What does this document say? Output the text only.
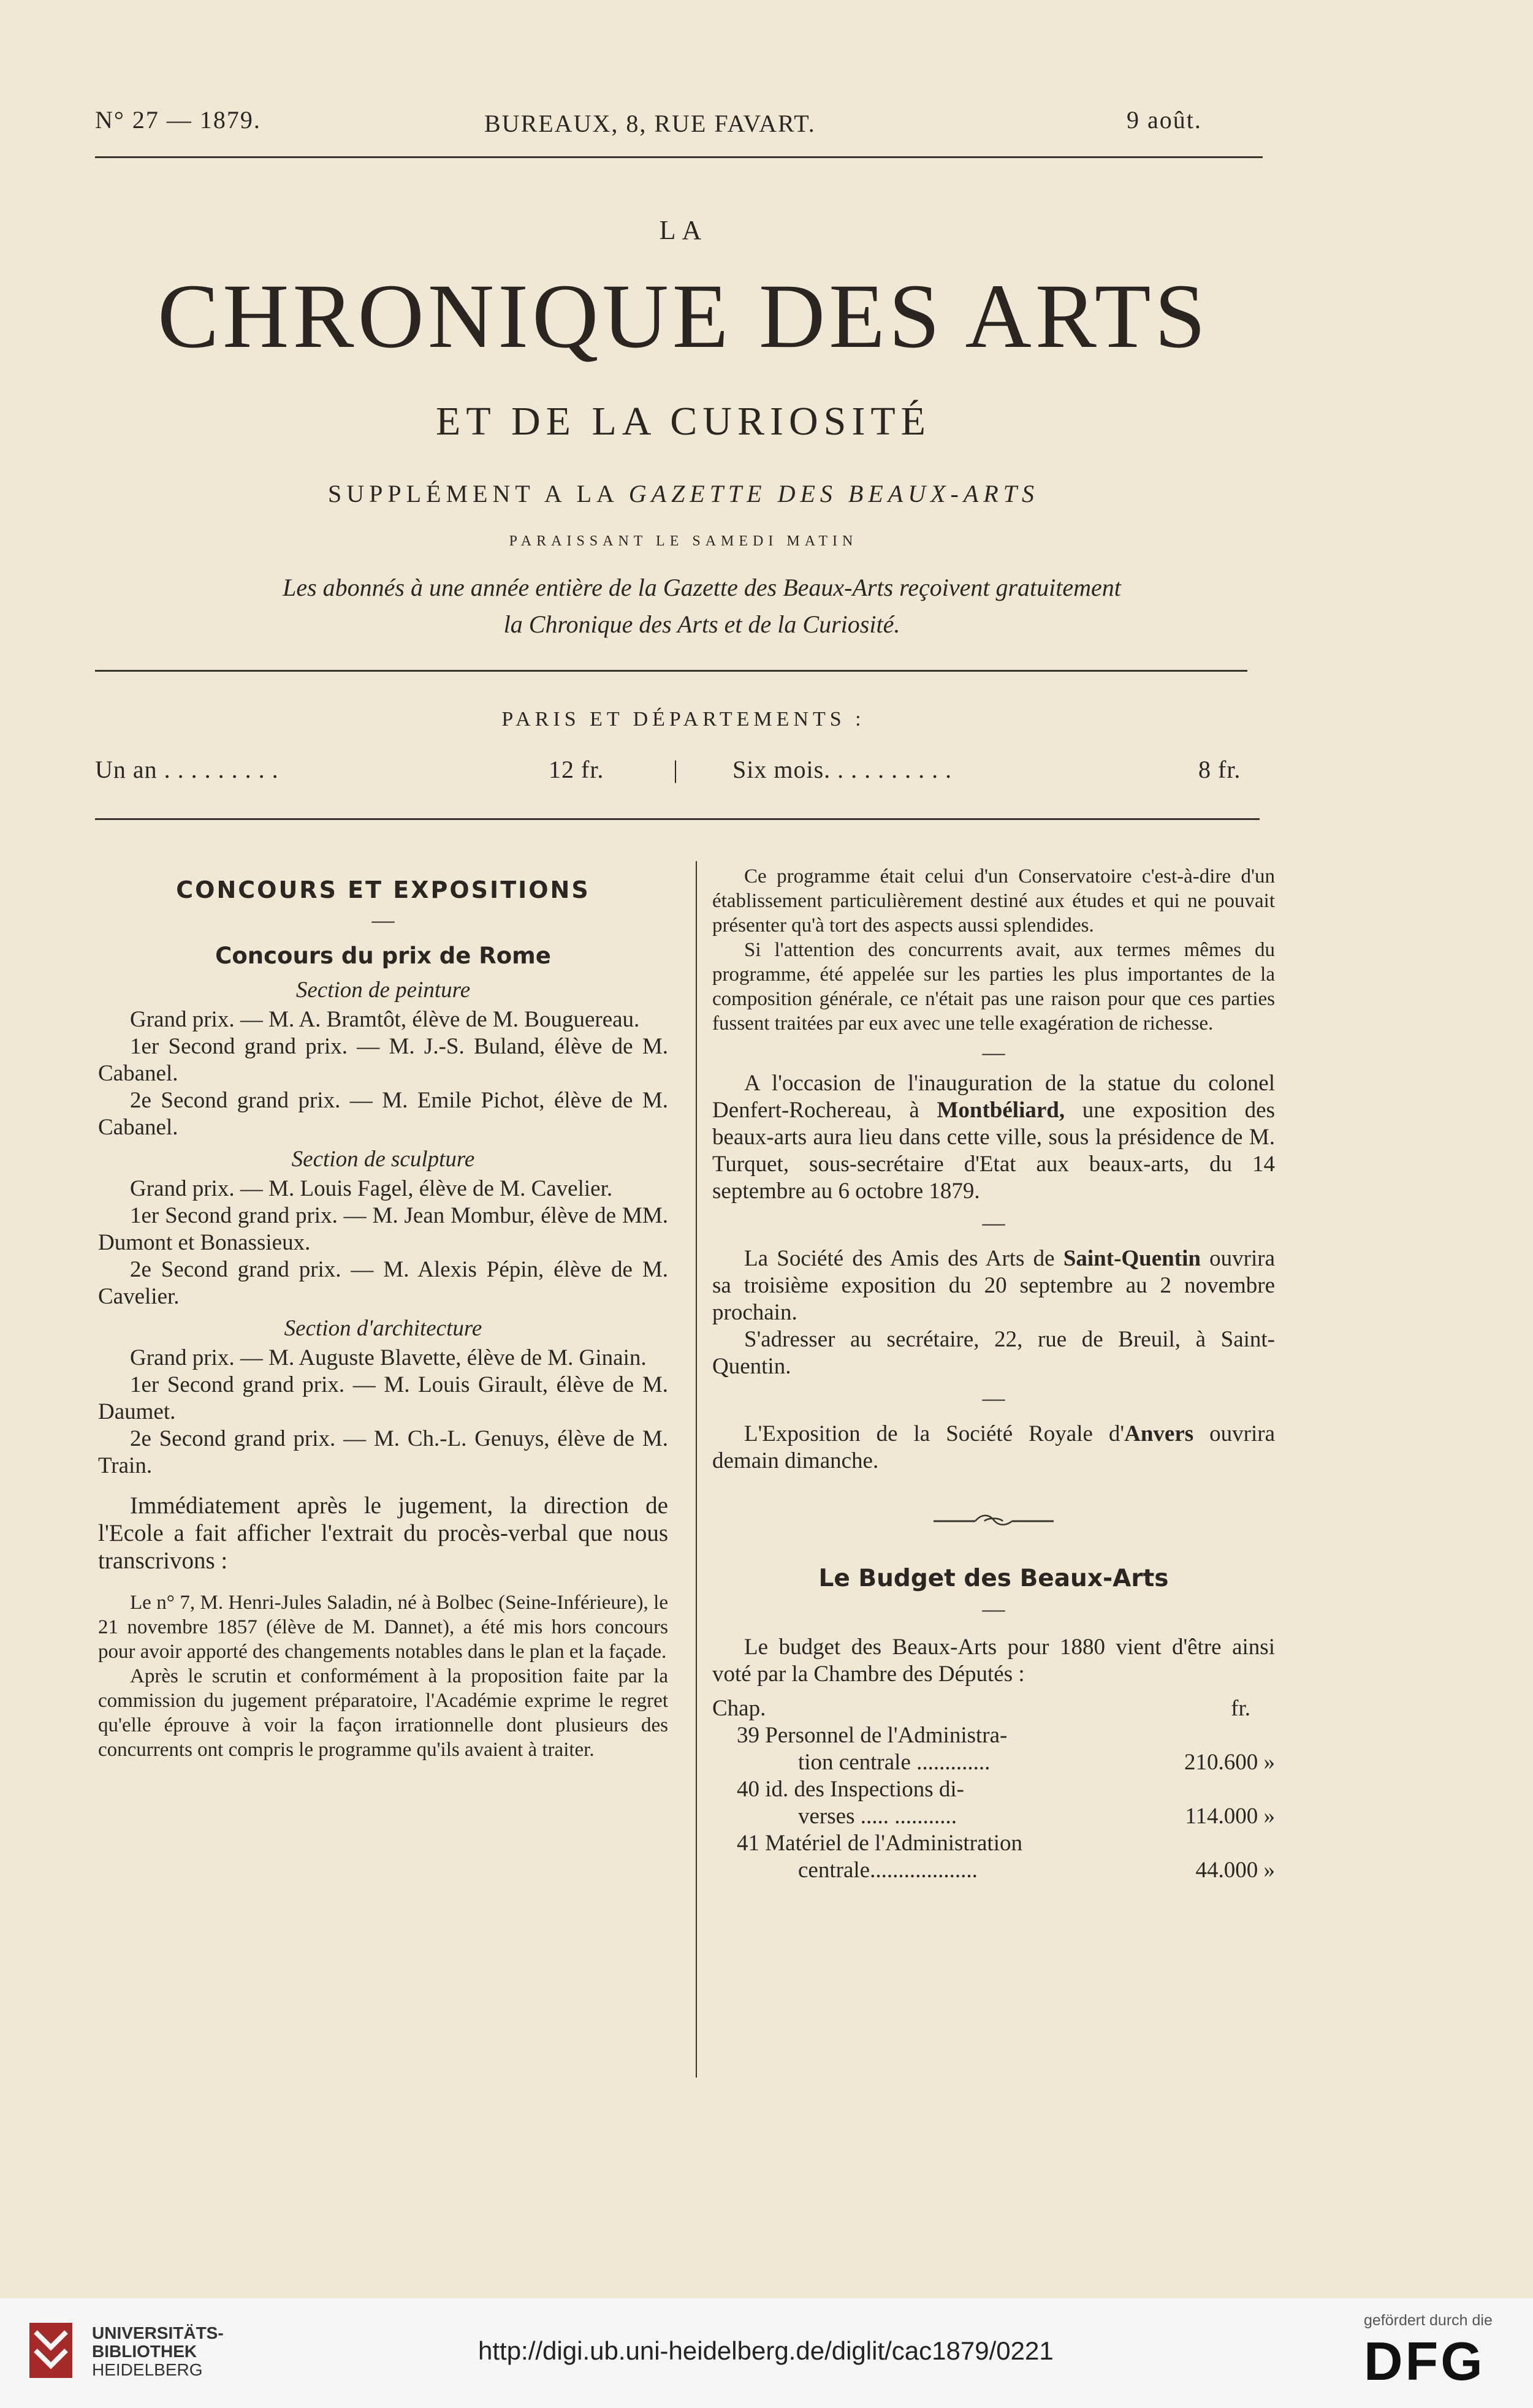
N° 27 — 1879.	BUREAUX, 8, RUE FAVART.	9 août.
LA
CHRONIQUE DES ARTS
ET DE LA CURIOSITÉ
SUPPLÉMENT A LA GAZETTE DES BEAUX-ARTS
PARAISSANT LE SAMEDI MATIN
Les abonnés à une année entière de la Gazette des Beaux-Arts reçoivent gratuitement
la Chronique des Arts et de la Curiosité.
PARIS ET DÉPARTEMENTS :
Un an . . . . . . . . .	12 fr.	| Six mois. . . . . . . . . .	8 fr.
CONCOURS ET EXPOSITIONS
—
Concours du prix de Rome
Section de peinture

Grand prix. — M. A. Bramtôt, élève de M. Bouguereau.

1er Second grand prix. — M. J.-S. Buland, élève de M. Cabanel.

2e Second grand prix. — M. Emile Pichot, élève de M. Cabanel.

Section de sculpture

Grand prix. — M. Louis Fagel, élève de M. Cavelier.

1er Second grand prix. — M. Jean Mombur, élève de MM. Dumont et Bonassieux.

2e Second grand prix. — M. Alexis Pépin, élève de M. Cavelier.

Section d'architecture

Grand prix. — M. Auguste Blavette, élève de M. Ginain.

1er Second grand prix. — M. Louis Girault, élève de M. Daumet.

2e Second grand prix. — M. Ch.-L. Genuys, élève de M. Train.

Immédiatement après le jugement, la direction de l'Ecole a fait afficher l'extrait du procès-verbal que nous transcrivons :

Le n° 7, M. Henri-Jules Saladin, né à Bolbec (Seine-Inférieure), le 21 novembre 1857 (élève de M. Dannet), a été mis hors concours pour avoir apporté des changements notables dans le plan et la façade.

Après le scrutin et conformément à la proposition faite par la commission du jugement préparatoire, l'Académie exprime le regret qu'elle éprouve à voir la façon irrationnelle dont plusieurs des concurrents ont compris le programme qu'ils avaient à traiter.

Ce programme était celui d'un Conservatoire c'est-à-dire d'un établissement particulièrement destiné aux études et qui ne pouvait présenter qu'à tort des aspects aussi splendides.

Si l'attention des concurrents avait, aux termes mêmes du programme, été appelée sur les parties les plus importantes de la composition générale, ce n'était pas une raison pour que ces parties fussent traitées par eux avec une telle exagération de richesse.

—

A l'occasion de l'inauguration de la statue du colonel Denfert-Rochereau, à Montbéliard, une exposition des beaux-arts aura lieu dans cette ville, sous la présidence de M. Turquet, sous-secrétaire d'Etat aux beaux-arts, du 14 septembre au 6 octobre 1879.

—

La Société des Amis des Arts de Saint-Quentin ouvrira sa troisième exposition du 20 septembre au 2 novembre prochain.

S'adresser au secrétaire, 22, rue de Breuil, à Saint-Quentin.

—

L'Exposition de la Société Royale d'Anvers ouvrira demain dimanche.

Le Budget des Beaux-Arts
—

Le budget des Beaux-Arts pour 1880 vient d'être ainsi voté par la Chambre des Députés :

Chap.	fr.
39 Personnel de l'Administra-
tion centrale .............	210.600 »
40 id. des Inspections di-
verses ..... ...........	114.000 »
41 Matériel de l'Administration
centrale...................	44.000 »
UNIVERSITÄTS-
BIBLIOTHEK
HEIDELBERG
http://digi.ub.uni-heidelberg.de/diglit/cac1879/0221
gefördert durch die
DFG
